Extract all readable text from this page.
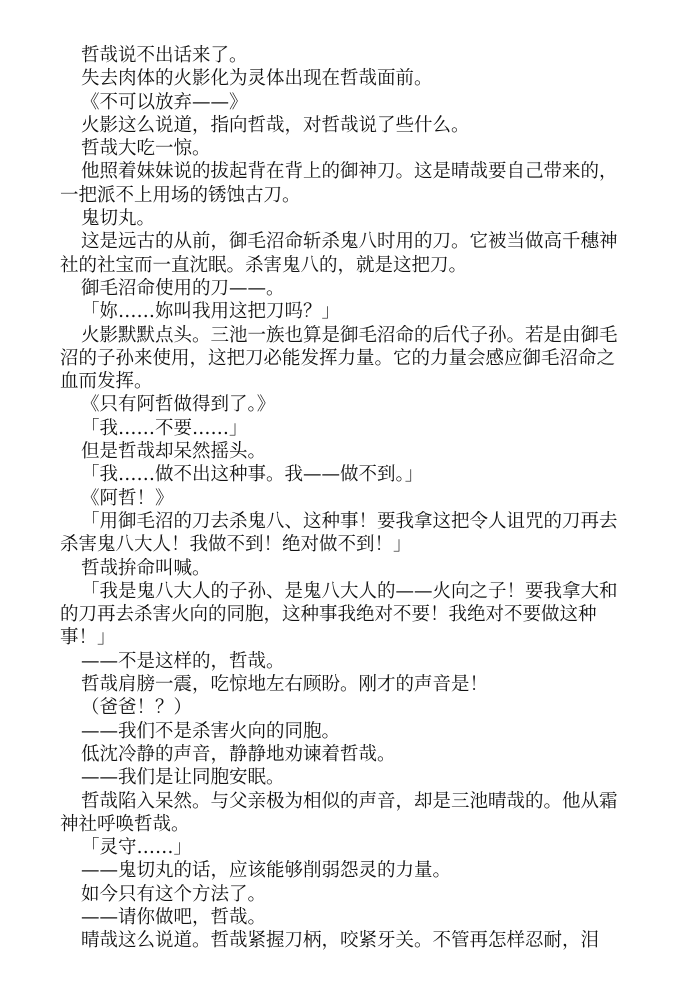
哲哉说不出话来了。

失去肉体的火影化为灵体出现在哲哉面前。

《不可以放弃——》

火影这么说道，指向哲哉，对哲哉说了些什么。

哲哉大吃一惊。

他照着妹妹说的拔起背在背上的御神刀。这是晴哉要自己带来的，一把派不上用场的锈蚀古刀。

鬼切丸。

这是远古的从前，御毛沼命斩杀鬼八时用的刀。它被当做高千穗神社的社宝而一直沈眠。杀害鬼八的，就是这把刀。

御毛沼命使用的刀——。

「妳……妳叫我用这把刀吗？」

火影默默点头。三池一族也算是御毛沼命的后代子孙。若是由御毛沼的子孙来使用，这把刀必能发挥力量。它的力量会感应御毛沼命之血而发挥。

《只有阿哲做得到了。》

「我……不要……」

但是哲哉却呆然摇头。

「我……做不出这种事。我——做不到。」

《阿哲！》

「用御毛沼的刀去杀鬼八、这种事！要我拿这把令人诅咒的刀再去杀害鬼八大人！我做不到！绝对做不到！」

哲哉拚命叫喊。

「我是鬼八大人的子孙、是鬼八大人的——火向之子！要我拿大和的刀再去杀害火向的同胞，这种事我绝对不要！我绝对不要做这种事！」

——不是这样的，哲哉。

哲哉肩膀一震，吃惊地左右顾盼。刚才的声音是！

（爸爸！？）

——我们不是杀害火向的同胞。

低沈冷静的声音，静静地劝谏着哲哉。

——我们是让同胞安眠。

哲哉陷入呆然。与父亲极为相似的声音，却是三池晴哉的。他从霜神社呼唤哲哉。

「灵守……」

——鬼切丸的话，应该能够削弱怨灵的力量。

如今只有这个方法了。

——请你做吧，哲哉。

晴哉这么说道。哲哉紧握刀柄，咬紧牙关。不管再怎样忍耐，泪
